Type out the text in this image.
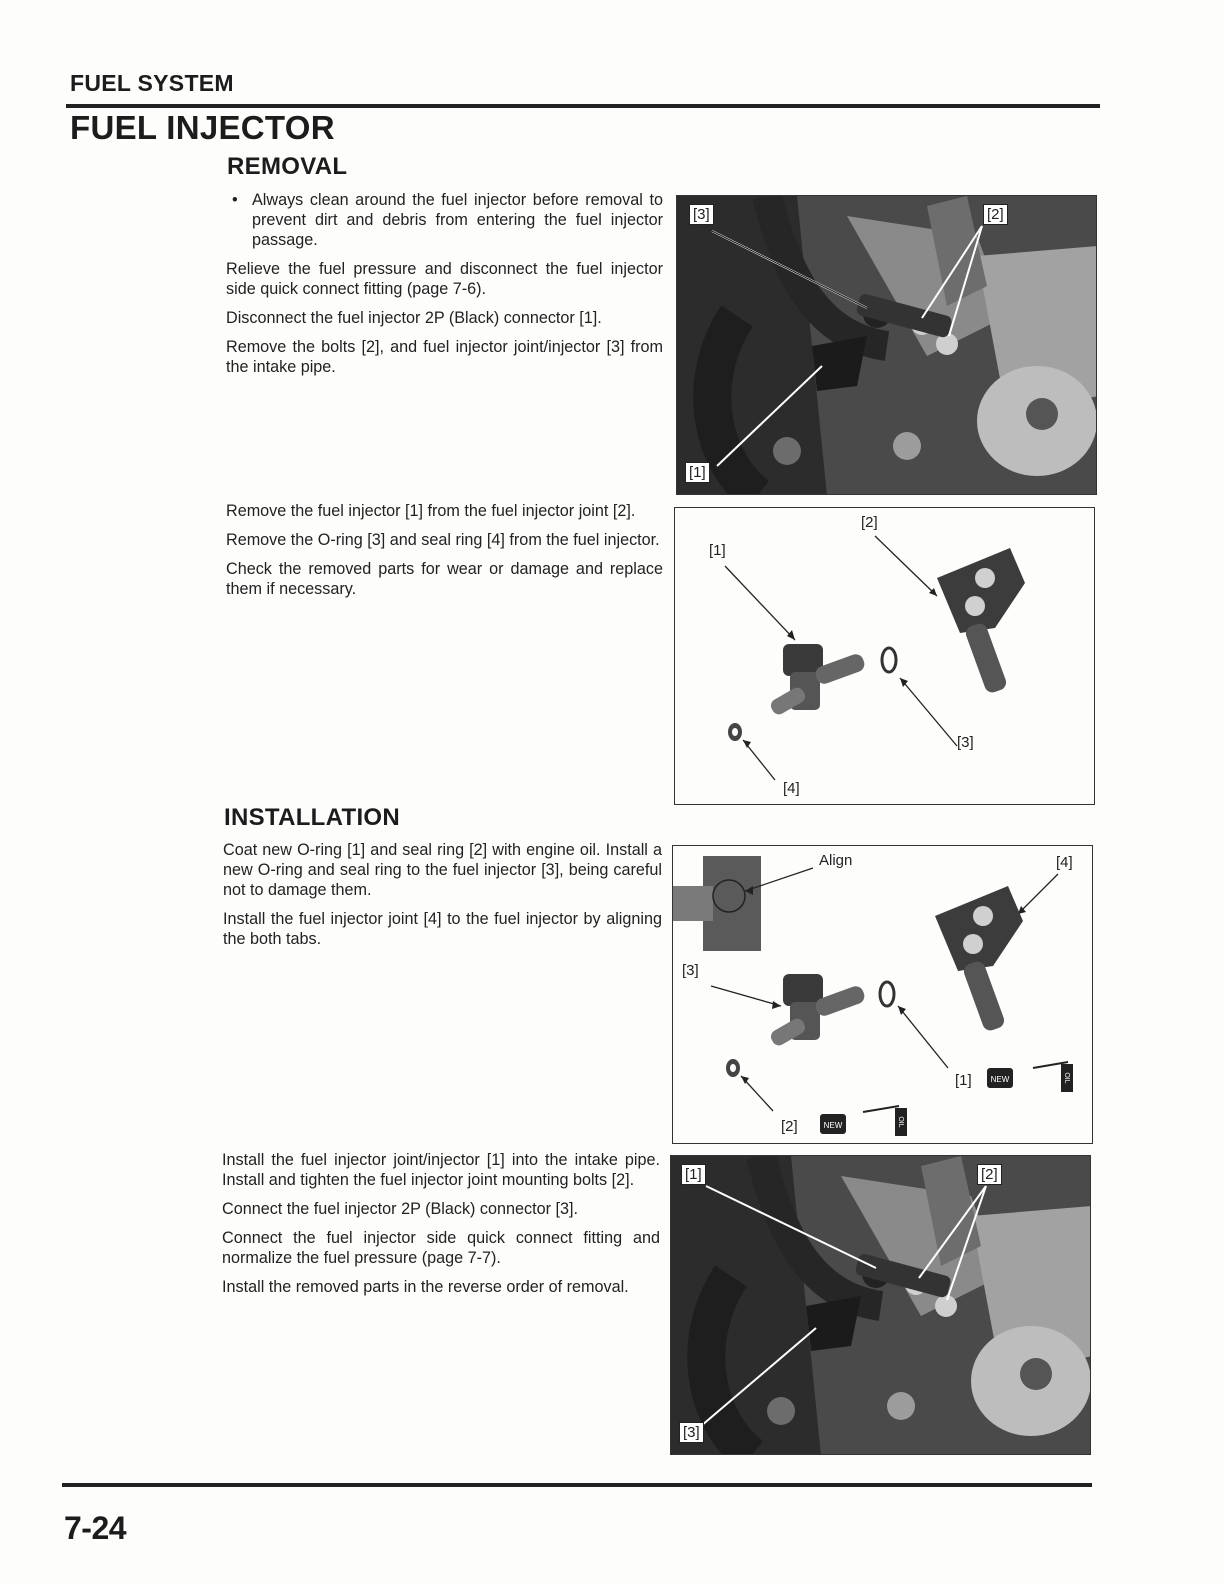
FUEL SYSTEM
FUEL INJECTOR
REMOVAL

• Always clean around the fuel injector before removal to prevent dirt and debris from entering the fuel injector passage.

Relieve the fuel pressure and disconnect the fuel injector side quick connect fitting (page 7-6).

Disconnect the fuel injector 2P (Black) connector [1].

Remove the bolts [2], and fuel injector joint/injector [3] from the intake pipe.

Remove the fuel injector [1] from the fuel injector joint [2].

Remove the O-ring [3] and seal ring [4] from the fuel injector.

Check the removed parts for wear or damage and replace them if necessary.

[3]	[2]
[1]
[2]
[1]
[3]
[4]
INSTALLATION

Coat new O-ring [1] and seal ring [2] with engine oil. Install a new O-ring and seal ring to the fuel injector [3], being careful not to damage them.

Install the fuel injector joint [4] to the fuel injector by aligning the both tabs.

Install the fuel injector joint/injector [1] into the intake pipe. Install and tighten the fuel injector joint mounting bolts [2].

Connect the fuel injector 2P (Black) connector [3].

Connect the fuel injector side quick connect fitting and normalize the fuel pressure (page 7-7).

Install the removed parts in the reverse order of removal.

NEW
NEW
OIL
OIL
Align	[4]
[3]
[1]
[2]
[1]	[2]
[3]
7-24
